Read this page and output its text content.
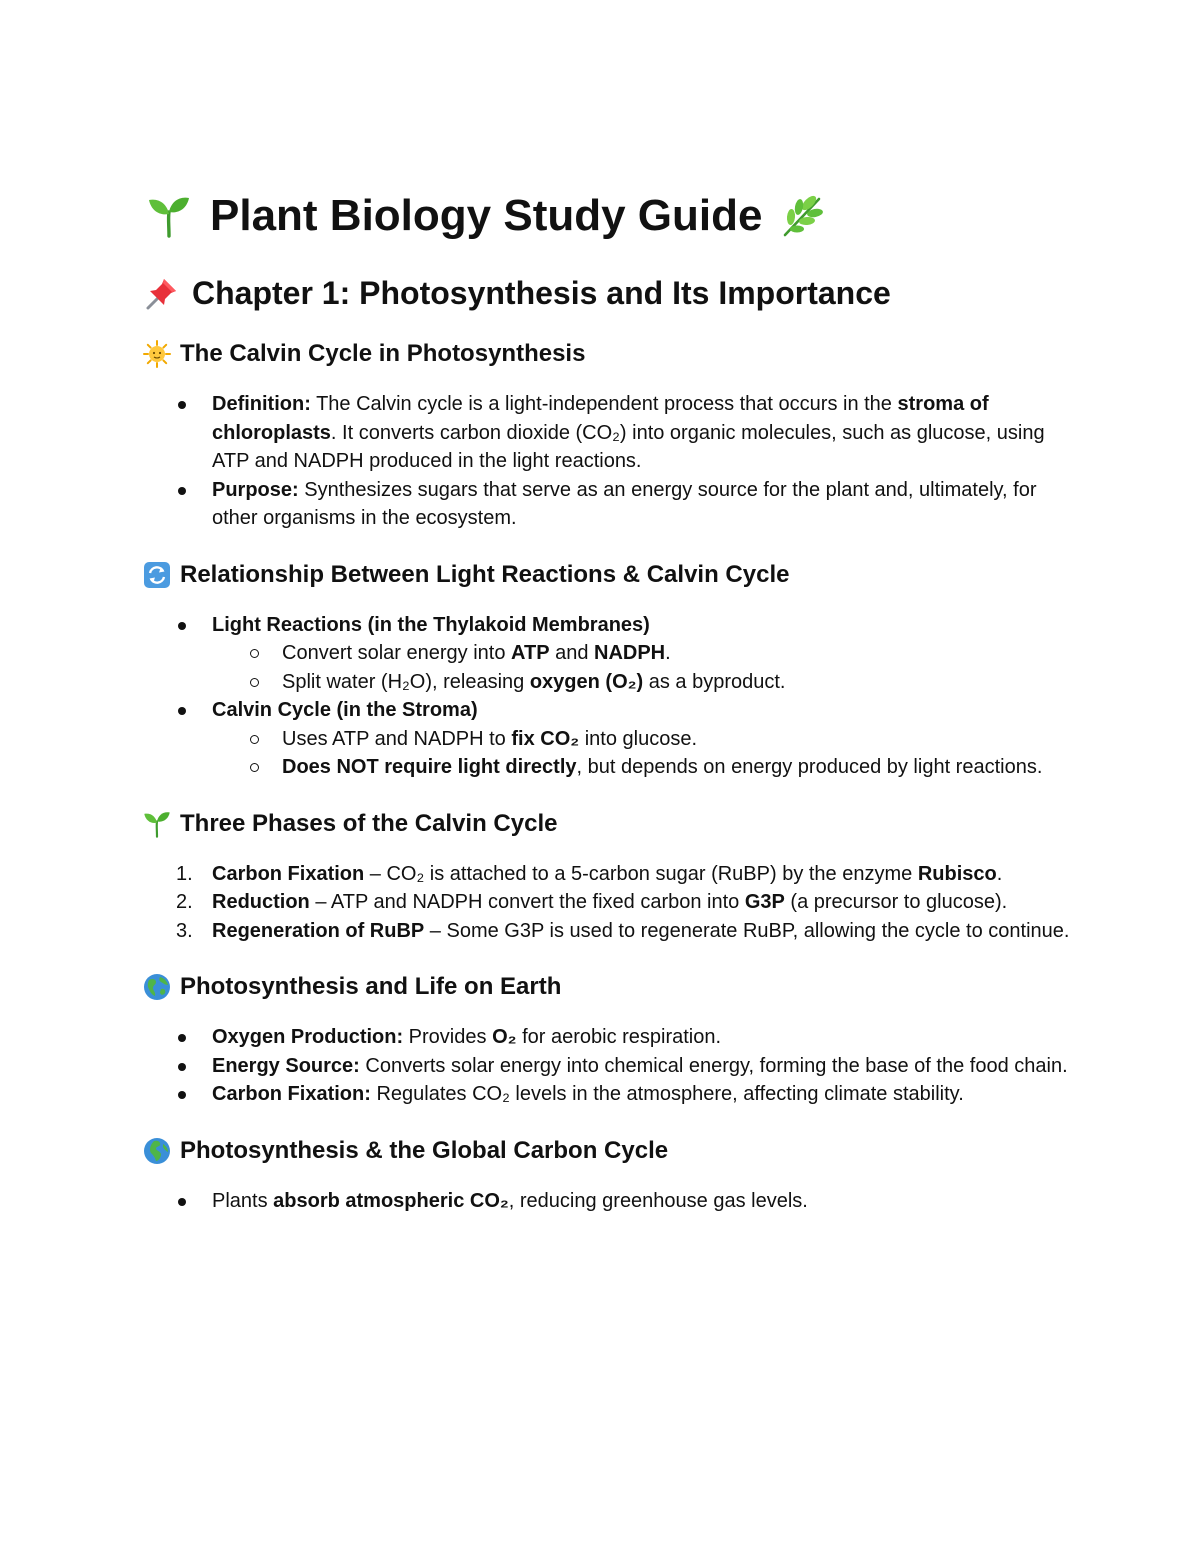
Plant Biology Study Guide
Chapter 1: Photosynthesis and Its Importance
The Calvin Cycle in Photosynthesis
Definition: The Calvin cycle is a light-independent process that occurs in the stroma of chloroplasts. It converts carbon dioxide (CO₂) into organic molecules, such as glucose, using ATP and NADPH produced in the light reactions.
Purpose: Synthesizes sugars that serve as an energy source for the plant and, ultimately, for other organisms in the ecosystem.
Relationship Between Light Reactions & Calvin Cycle
Light Reactions (in the Thylakoid Membranes)
Convert solar energy into ATP and NADPH.
Split water (H₂O), releasing oxygen (O₂) as a byproduct.
Calvin Cycle (in the Stroma)
Uses ATP and NADPH to fix CO₂ into glucose.
Does NOT require light directly, but depends on energy produced by light reactions.
Three Phases of the Calvin Cycle
1. Carbon Fixation – CO₂ is attached to a 5-carbon sugar (RuBP) by the enzyme Rubisco.
2. Reduction – ATP and NADPH convert the fixed carbon into G3P (a precursor to glucose).
3. Regeneration of RuBP – Some G3P is used to regenerate RuBP, allowing the cycle to continue.
Photosynthesis and Life on Earth
Oxygen Production: Provides O₂ for aerobic respiration.
Energy Source: Converts solar energy into chemical energy, forming the base of the food chain.
Carbon Fixation: Regulates CO₂ levels in the atmosphere, affecting climate stability.
Photosynthesis & the Global Carbon Cycle
Plants absorb atmospheric CO₂, reducing greenhouse gas levels.
